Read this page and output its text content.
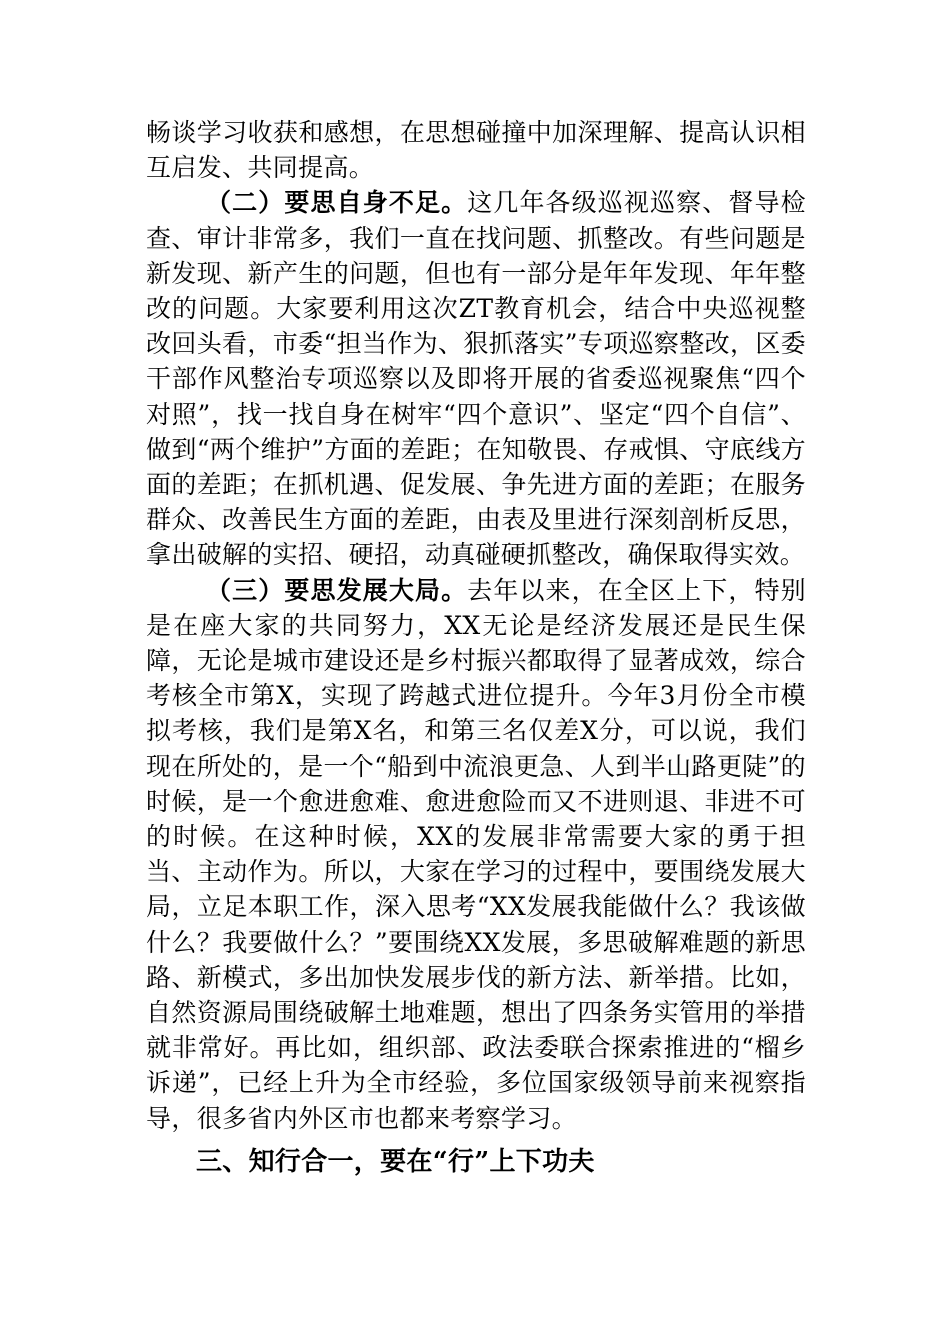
畅谈学习收获和感想，在思想碰撞中加深理解、提高认识相互启发、共同提高。

（二）要思自身不足。这几年各级巡视巡察、督导检查、审计非常多，我们一直在找问题、抓整改。有些问题是新发现、新产生的问题，但也有一部分是年年发现、年年整改的问题。大家要利用这次ZT教育机会，结合中央巡视整改回头看，市委“担当作为、狠抓落实”专项巡察整改，区委干部作风整治专项巡察以及即将开展的省委巡视聚焦“四个对照”，找一找自身在树牢“四个意识”、坚定“四个自信”、做到“两个维护”方面的差距；在知敬畏、存戒惧、守底线方面的差距；在抓机遇、促发展、争先进方面的差距；在服务群众、改善民生方面的差距，由表及里进行深刻剖析反思，拿出破解的实招、硬招，动真碰硬抓整改，确保取得实效。

（三）要思发展大局。去年以来，在全区上下，特别是在座大家的共同努力，XX无论是经济发展还是民生保障，无论是城市建设还是乡村振兴都取得了显著成效，综合考核全市第X，实现了跨越式进位提升。今年3月份全市模拟考核，我们是第X名，和第三名仅差X分，可以说，我们现在所处的，是一个“船到中流浪更急、人到半山路更陡”的时候，是一个愈进愈难、愈进愈险而又不进则退、非进不可的时候。在这种时候，XX的发展非常需要大家的勇于担当、主动作为。所以，大家在学习的过程中，要围绕发展大局，立足本职工作，深入思考“XX发展我能做什么？我该做什么？我要做什么？”要围绕XX发展，多思破解难题的新思路、新模式，多出加快发展步伐的新方法、新举措。比如，自然资源局围绕破解土地难题，想出了四条务实管用的举措就非常好。再比如，组织部、政法委联合探索推进的“榴乡诉递”，已经上升为全市经验，多位国家级领导前来视察指导，很多省内外区市也都来考察学习。

三、知行合一，要在“行”上下功夫
